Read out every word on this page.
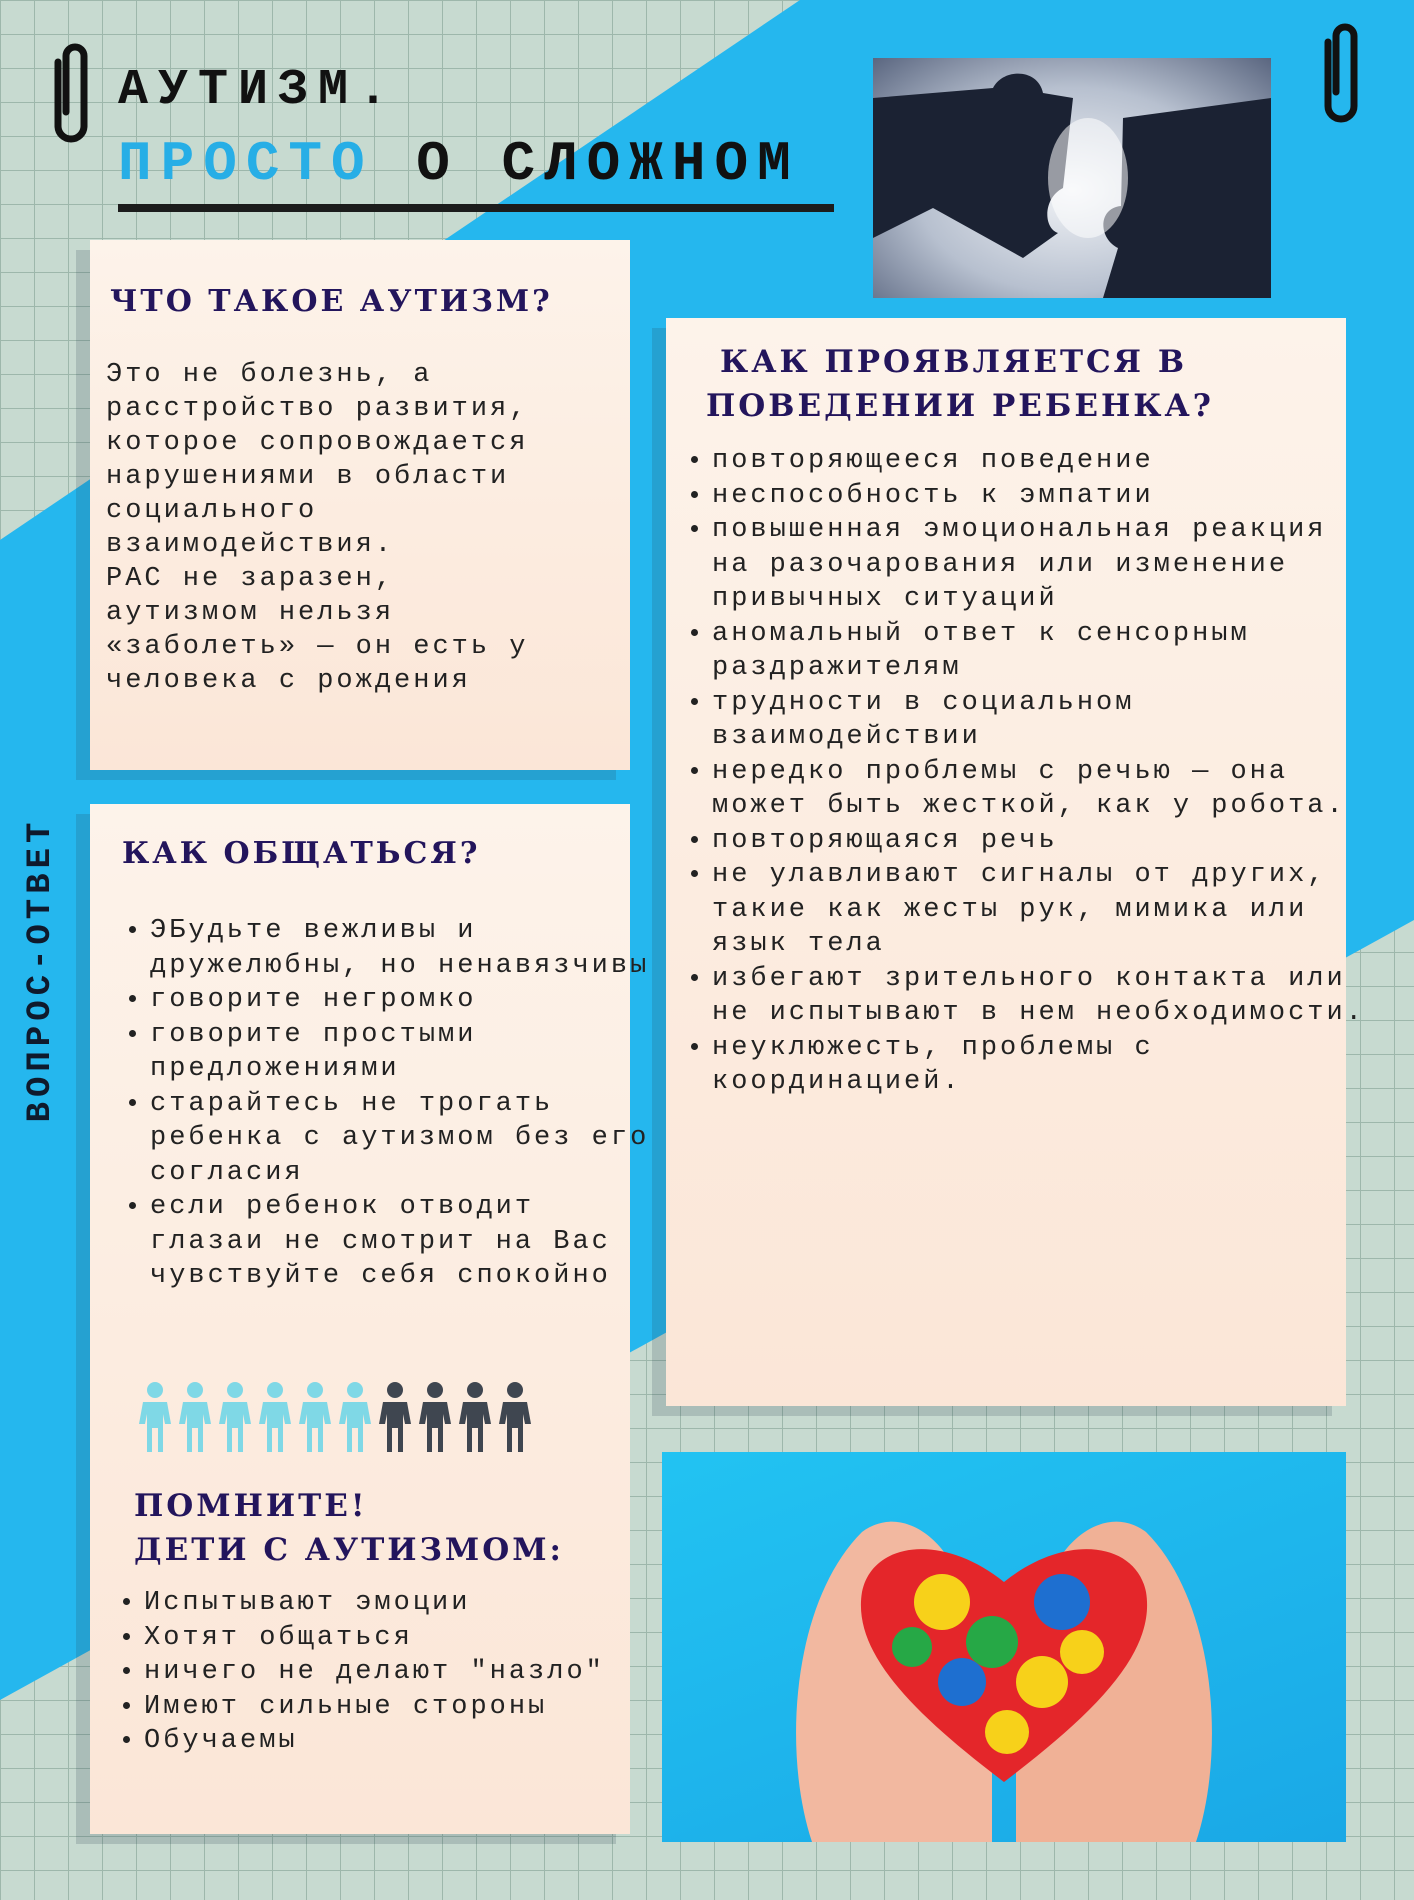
АУТИЗМ.
ПРОСТО О СЛОЖНОМ
ВОПРОС-ОТВЕТ
ЧТО ТАКОЕ АУТИЗМ?

Это не болезнь, а
расстройство развития,
которое сопровождается
нарушениями в области
социального
взаимодействия.
РАС не заразен,
аутизмом нельзя
«заболеть» — он есть у
человека с рождения

КАК ОБЩАТЬСЯ?
• ЭБудьте вежливы и дружелюбны, но ненавязчивы
• говорите негромко
• говорите простыми предложениями
• старайтесь не трогать ребенка с аутизмом без его согласия
• если ребенок отводит глазаи не смотрит на Вас чувствуйте себя спокойно
ПОМНИТЕ!
ДЕТИ С АУТИЗМОМ:
• Испытывают эмоции
• Хотят общаться
• ничего не делают "назло"
• Имеют сильные стороны
• Обучаемы
КАК ПРОЯВЛЯЕТСЯ В
ПОВЕДЕНИИ РЕБЕНКА?
• повторяющееся поведение
• неспособность к эмпатии
• повышенная эмоциональная реакция на разочарования или изменение привычных ситуаций
• аномальный ответ к сенсорным раздражителям
• трудности в социальном взаимодействии
• нередко проблемы с речью — она может быть жесткой, как у робота.
• повторяющаяся речь
• не улавливают сигналы от других, такие как жесты рук, мимика или язык тела
• избегают зрительного контакта или не испытывают в нем необходимости.
• неуклюжесть, проблемы с координацией.
